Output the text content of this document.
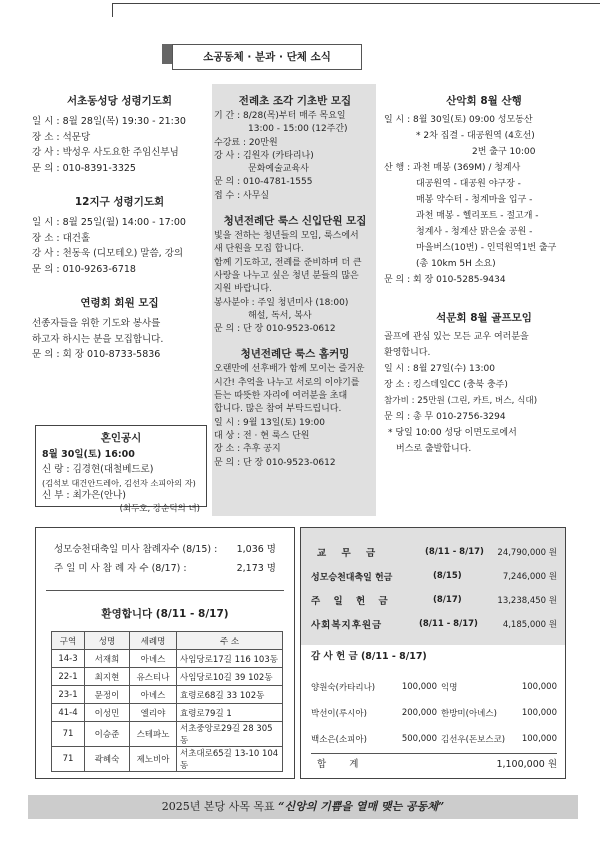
소공동체 · 분과 · 단체 소식

서초동성당 성령기도회

일 시 : 8월 28일(목) 19:30 - 21:30

장 소 : 석문당

강 사 : 박성우 사도요한 주임신부님

문 의 : 010-8391-3325

12지구 성령기도회

일 시 : 8월 25일(월) 14:00 - 17:00

장 소 : 대건홀

강 사 : 천동욱 (디모테오) 말씀, 강의

문 의 : 010-9263-6718

연령회 회원 모집

선종자들을 위한 기도와 봉사를

하고자 하시는 분을 모집합니다.

문 의 : 회 장 010-8733-5836

혼인공시

8월 30일(토) 16:00

신 랑 : 김경현(대철베드로)

(김석보 대건안드레아, 김선자 소피아의 자)

신 부 : 최가은(안나)

(최두호, 강순덕의 녀)

전례초 조각 기초반 모집

기 간 : 8/28(목)부터 매주 목요일

13:00 - 15:00 (12주간)

수강료 : 20만원

강 사 : 김원자 (카타리나)

문화예술교육사

문 의 : 010-4781-1555

접 수 : 사무실

청년전례단 룩스 신입단원 모집

빛을 전하는 청년들의 모임, 룩스에서

새 단원을 모집 합니다.

함께 기도하고, 전례를 준비하며 더 큰

사랑을 나누고 싶은 청년 분들의 많은

지원 바랍니다.

봉사분야 : 주일 청년미사 (18:00)

해설, 독서, 복사

문 의 : 단 장 010-9523-0612

청년전례단 룩스 홈커밍

오랜만에 선후배가 함께 모이는 즐거운

시간! 추억을 나누고 서로의 이야기를

듣는 따뜻한 자리에 여러분을 초대

합니다. 많은 참여 부탁드립니다.

일 시 : 9월 13일(토) 19:00

대 상 : 전 · 현 룩스 단원

장 소 : 추후 공지

문 의 : 단 장 010-9523-0612

산악회 8월 산행

일 시 : 8월 30일(토) 09:00 성모동산

* 2차 집결 - 대공원역 (4호선)

2번 출구 10:00

산 행 : 과천 매봉 (369M) / 청계사

대공원역 - 대공원 야구장 -

매봉 약수터 - 청계마을 입구 -

과천 매봉 - 헬리포트 - 절고개 -

청계사 - 청계산 맑은숲 공원 -

마을버스(10번) - 인덕원역1번 출구

(총 10km 5H 소요)

문 의 : 회 장 010-5285-9434

석문회 8월 골프모임

골프에 관심 있는 모든 교우 여러분을

환영합니다.

일 시 : 8월 27일(수) 13:00

장 소 : 킹스데일CC (충북 충주)

참가비 : 25만원 (그린, 카트, 버스, 식대)

문 의 : 총 무 010-2756-3294

* 당일 10:00 성당 이면도로에서

버스로 출발합니다.

성모승천대축일 미사 참례자수 (8/15) : 1,036 명
주 일 미 사 참 례 자 수 (8/17) :	2,173 명

환영합니다 (8/11 - 8/17)

구역	성명	세례명	주 소
14-3	서재희	아녜스	사임당로17길 116 103동
22-1	최지현	유스티나	사임당로10길 39 102동
23-1	문정이	아녜스	효령로68길 33 102동
41-4	이성민	엘리야	효령로79길 1
71	이승준	스테파노	서초중앙로29길 28 305동
71	곽혜숙	제노비아	서초대로65길 13-10 104동
교 무 금	(8/11 - 8/17)	24,790,000 원
성모승천대축일 헌금	(8/15)	7,246,000 원
주 일 헌 금	(8/17)	13,238,450 원
사회복지후원금	(8/11 - 8/17)	4,185,000 원

감 사 헌 금 (8/11 - 8/17)

양원숙(카타리나)	100,000 익명	100,000
박선이(루시아)	200,000 한방미(아녜스)	100,000
백소은(소피아)	500,000 김선우(돈보스코)	100,000
합 계	1,100,000 원
2025년 본당 사목 목표 “신앙의 기쁨을 열매 맺는 공동체”
